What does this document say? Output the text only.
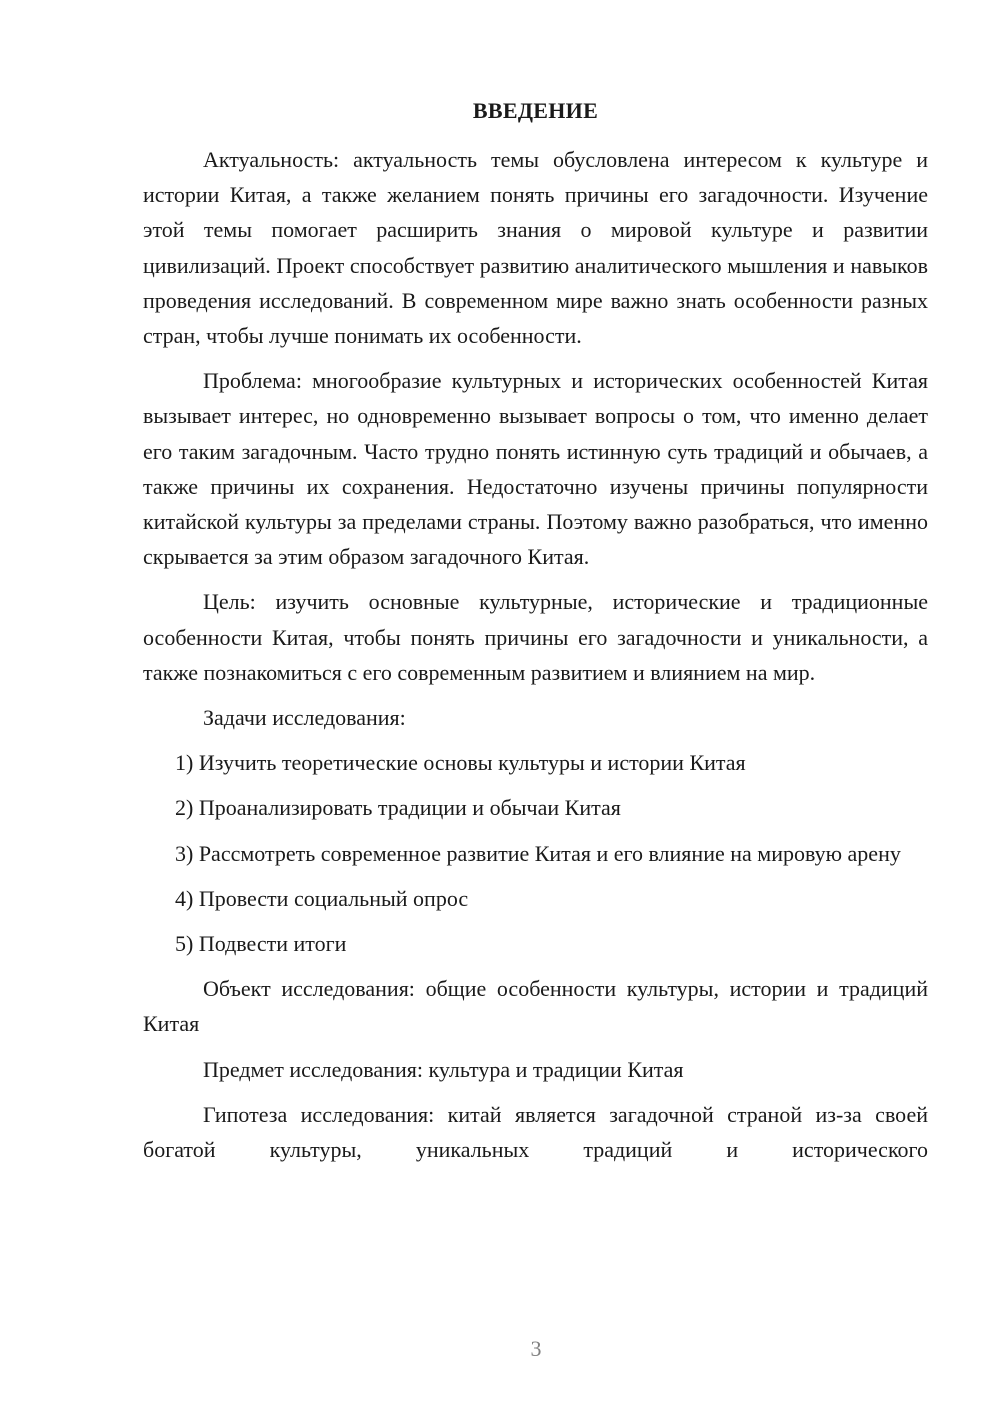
ВВЕДЕНИЕ

Актуальность: актуальность темы обусловлена интересом к культуре и истории Китая, а также желанием понять причины его загадочности. Изучение этой темы помогает расширить знания о мировой культуре и развитии цивилизаций. Проект способствует развитию аналитического мышления и навыков проведения исследований. В современном мире важно знать особенности разных стран, чтобы лучше понимать их особенности.

Проблема: многообразие культурных и исторических особенностей Китая вызывает интерес, но одновременно вызывает вопросы о том, что именно делает его таким загадочным. Часто трудно понять истинную суть традиций и обычаев, а также причины их сохранения. Недостаточно изучены причины популярности китайской культуры за пределами страны. Поэтому важно разобраться, что именно скрывается за этим образом загадочного Китая.

Цель: изучить основные культурные, исторические и традиционные особенности Китая, чтобы понять причины его загадочности и уникальности, а также познакомиться с его современным развитием и влиянием на мир.

Задачи исследования:

1) Изучить теоретические основы культуры и истории Китая

2) Проанализировать традиции и обычаи Китая

3) Рассмотреть современное развитие Китая и его влияние на мировую арену

4) Провести социальный опрос

5) Подвести итоги

Объект исследования: общие особенности культуры, истории и традиций Китая

Предмет исследования: культура и традиции Китая

Гипотеза исследования: китай является загадочной страной из-за своей богатой культуры, уникальных традиций и исторического

3
